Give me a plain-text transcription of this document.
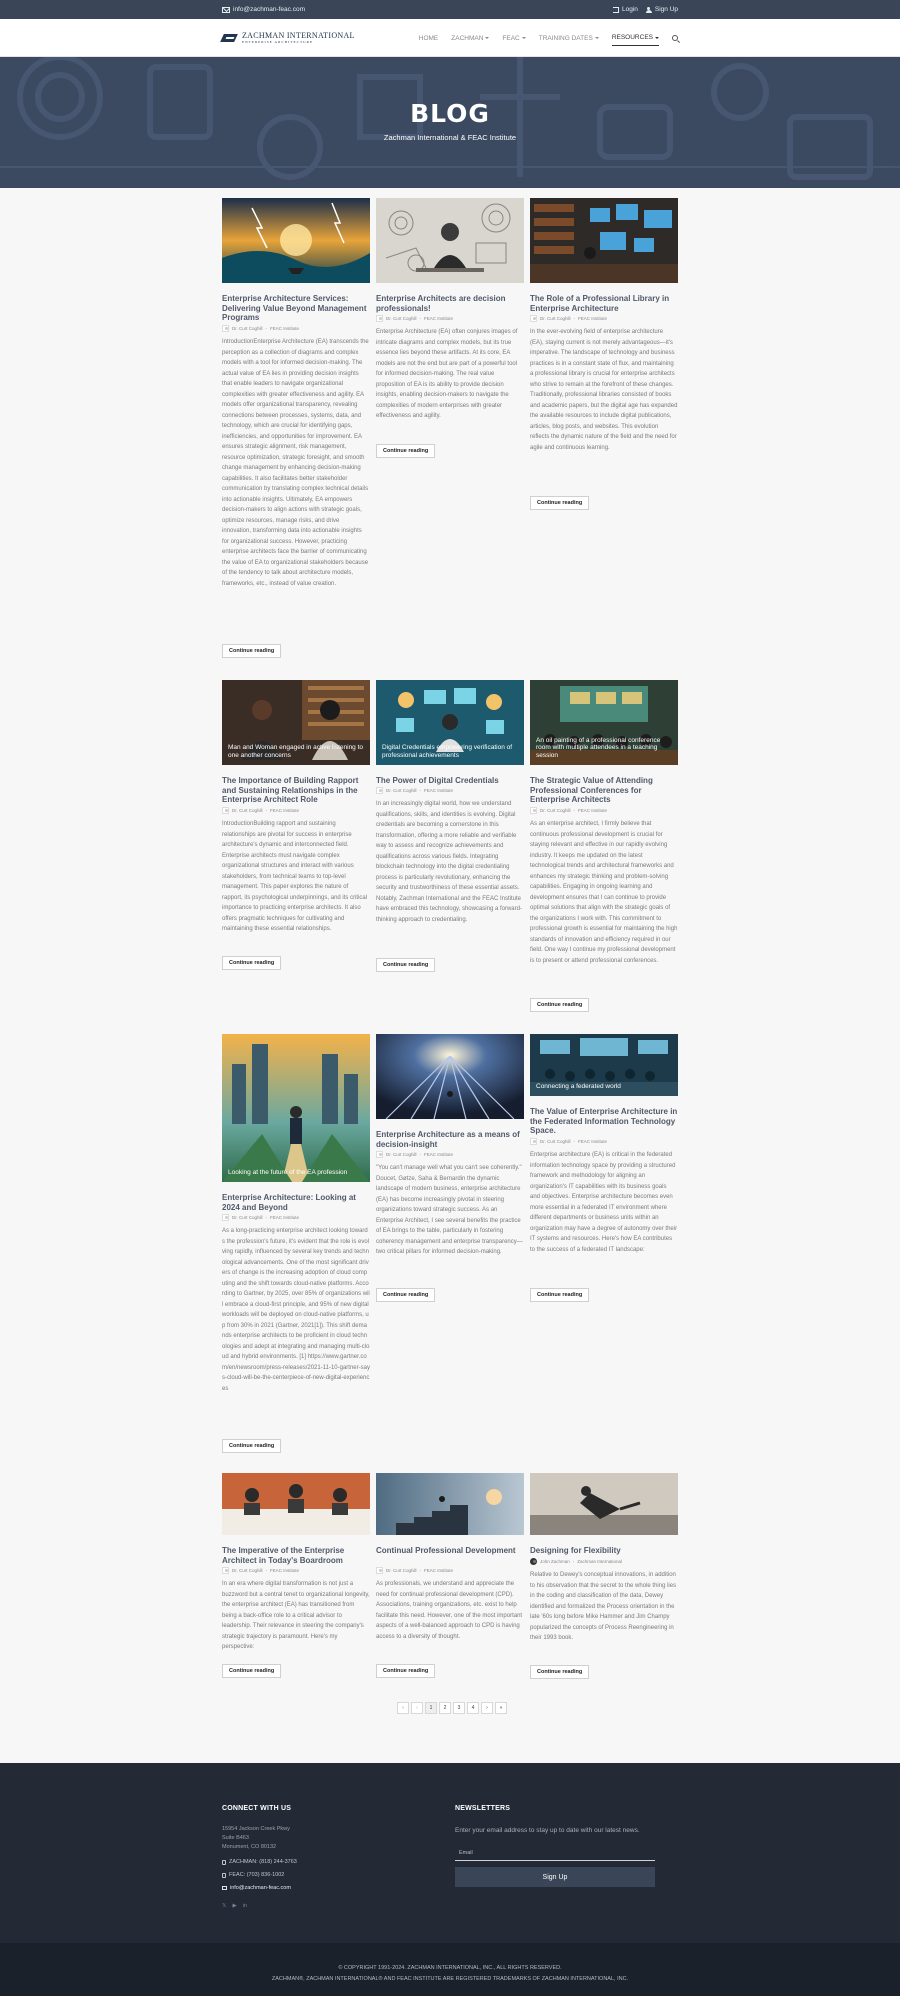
info@zachman-feac.com	Login	Sign Up
ZACHMAN INTERNATIONAL
ENTERPRISE ARCHITECTURE
HOME ZACHMAN	FEAC	TRAINING DATES	RESOURCES
BLOG
Zachman International & FEAC Institute
Enterprise Architecture Services: Delivering Value Beyond Management Programs
Dr. Curt Coghill - FEAC Institute
IntroductionEnterprise Architecture (EA) transcends the perception as a collection of diagrams and complex models with a tool for informed decision-making. The actual value of EA lies in providing decision insights that enable leaders to navigate organizational complexities with greater effectiveness and agility. EA models offer organizational transparency, revealing connections between processes, systems, data, and technology, which are crucial for identifying gaps, inefficiencies, and opportunities for improvement. EA ensures strategic alignment, risk management, resource optimization, strategic foresight, and smooth change management by enhancing decision-making capabilities. It also facilitates better stakeholder communication by translating complex technical details into actionable insights. Ultimately, EA empowers decision-makers to align actions with strategic goals, optimize resources, manage risks, and drive innovation, transforming data into actionable insights for organizational success. However, practicing enterprise architects face the barrier of communicating the value of EA to organizational stakeholders because of the tendency to talk about architecture models, frameworks, etc., instead of value creation.
Continue reading
Enterprise Architects are decision professionals!
Dr. Curt Coghill - FEAC Institute
Enterprise Architecture (EA) often conjures images of intricate diagrams and complex models, but its true essence lies beyond these artifacts. At its core, EA models are not the end but are part of a powerful tool for informed decision-making. The real value proposition of EA is its ability to provide decision insights, enabling decision-makers to navigate the complexities of modern enterprises with greater effectiveness and agility.
Continue reading
The Role of a Professional Library in Enterprise Architecture
Dr. Curt Coghill - FEAC Institute
In the ever-evolving field of enterprise architecture (EA), staying current is not merely advantageous—it's imperative. The landscape of technology and business practices is in a constant state of flux, and maintaining a professional library is crucial for enterprise architects who strive to remain at the forefront of these changes. Traditionally, professional libraries consisted of books and academic papers, but the digital age has expanded the available resources to include digital publications, articles, blog posts, and websites. This evolution reflects the dynamic nature of the field and the need for agile and continuous learning.
Continue reading
Man and Woman engaged in active listening to one another concerns
The Importance of Building Rapport and Sustaining Relationships in the Enterprise Architect Role
Dr. Curt Coghill - FEAC Institute
IntroductionBuilding rapport and sustaining relationships are pivotal for success in enterprise architecture's dynamic and interconnected field. Enterprise architects must navigate complex organizational structures and interact with various stakeholders, from technical teams to top-level management. This paper explores the nature of rapport, its psychological underpinnings, and its critical importance to practicing enterprise architects. It also offers pragmatic techniques for cultivating and maintaining these essential relationships.
Continue reading
Digital Credentials empowering verification of professional achievements
The Power of Digital Credentials
Dr. Curt Coghill - FEAC Institute
In an increasingly digital world, how we understand qualifications, skills, and identities is evolving. Digital credentials are becoming a cornerstone in this transformation, offering a more reliable and verifiable way to assess and recognize achievements and qualifications across various fields. Integrating blockchain technology into the digital credentialing process is particularly revolutionary, enhancing the security and trustworthiness of these essential assets. Notably, Zachman International and the FEAC Institute have embraced this technology, showcasing a forward-thinking approach to credentialing.
Continue reading
An oil painting of a professional conference room with multiple attendees in a teaching session
The Strategic Value of Attending Professional Conferences for Enterprise Architects
Dr. Curt Coghill - FEAC Institute
As an enterprise architect, I firmly believe that continuous professional development is crucial for staying relevant and effective in our rapidly evolving industry. It keeps me updated on the latest technological trends and architectural frameworks and enhances my strategic thinking and problem-solving capabilities. Engaging in ongoing learning and development ensures that I can continue to provide optimal solutions that align with the strategic goals of the organizations I work with. This commitment to professional growth is essential for maintaining the high standards of innovation and efficiency required in our field. One way I continue my professional development is to present or attend professional conferences.
Continue reading
Looking at the future of the EA profession
Enterprise Architecture: Looking at 2024 and Beyond
Dr. Curt Coghill - FEAC Institute
As a long-practicing enterprise architect looking towards the profession's future, it's evident that the role is evolving rapidly, influenced by several key trends and technological advancements. One of the most significant drivers of change is the increasing adoption of cloud computing and the shift towards cloud-native platforms. According to Gartner, by 2025, over 85% of organizations will embrace a cloud-first principle, and 95% of new digital workloads will be deployed on cloud-native platforms, up from 30% in 2021 (Gartner, 2021[1]). This shift demands enterprise architects to be proficient in cloud technologies and adept at integrating and managing multi-cloud and hybrid environments. [1] https://www.gartner.com/en/newsroom/press-releases/2021-11-10-gartner-says-cloud-will-be-the-centerpiece-of-new-digital-experiences
Continue reading
Enterprise Architecture as a means of decision-insight
Dr. Curt Coghill - FEAC Institute
"You can't manage well what you can't see coherently." Doucet, Gøtze, Saha & Bernardin the dynamic landscape of modern business, enterprise architecture (EA) has become increasingly pivotal in steering organizations toward strategic success. As an Enterprise Architect, I see several benefits the practice of EA brings to the table, particularly in fostering coherency management and enterprise transparency—two critical pillars for informed decision-making.
Continue reading
Connecting a federated world
The Value of Enterprise Architecture in the Federated Information Technology Space.
Dr. Curt Coghill - FEAC Institute
Enterprise architecture (EA) is critical in the federated information technology space by providing a structured framework and methodology for aligning an organization's IT capabilities with its business goals and objectives. Enterprise architecture becomes even more essential in a federated IT environment where different departments or business units within an organization may have a degree of autonomy over their IT systems and resources. Here's how EA contributes to the success of a federated IT landscape:
Continue reading
The Imperative of the Enterprise Architect in Today's Boardroom
Dr. Curt Coghill - FEAC Institute
In an era where digital transformation is not just a buzzword but a central tenet to organizational longevity, the enterprise architect (EA) has transitioned from being a back-office role to a critical advisor to leadership. Their relevance in steering the company's strategic trajectory is paramount. Here's my perspective:
Continue reading
Continual Professional Development
Dr. Curt Coghill - FEAC Institute
As professionals, we understand and appreciate the need for continual professional development (CPD). Associations, training organizations, etc. exist to help facilitate this need. However, one of the most important aspects of a well-balanced approach to CPD is having access to a diversity of thought.
Continue reading
Designing for Flexibility
John Zachman - Zachman International
Relative to Dewey's conceptual innovations, in addition to his observation that the secret to the whole thing lies in the coding and classification of the data, Dewey identified and formalized the Process orientation in the late '60s long before Mike Hammer and Jim Champy popularized the concepts of Process Reengineering in their 1993 book.
Continue reading
«	‹	1	2	3	4	›	»
CONNECT WITH US
15954 Jackson Creek Pkwy
Suite B463
Monument, CO 80132
ZACHMAN: (818) 244-3763
FEAC: (703) 836-1002
info@zachman-feac.com
𝕏 ▶ in
NEWSLETTERS
Enter your email address to stay up to date with our latest news.
Email
Sign Up
© COPYRIGHT 1991-2024. ZACHMAN INTERNATIONAL, INC., ALL RIGHTS RESERVED.
ZACHMAN®, ZACHMAN INTERNATIONAL® AND FEAC INSTITUTE ARE REGISTERED TRADEMARKS OF ZACHMAN INTERNATIONAL, INC.
